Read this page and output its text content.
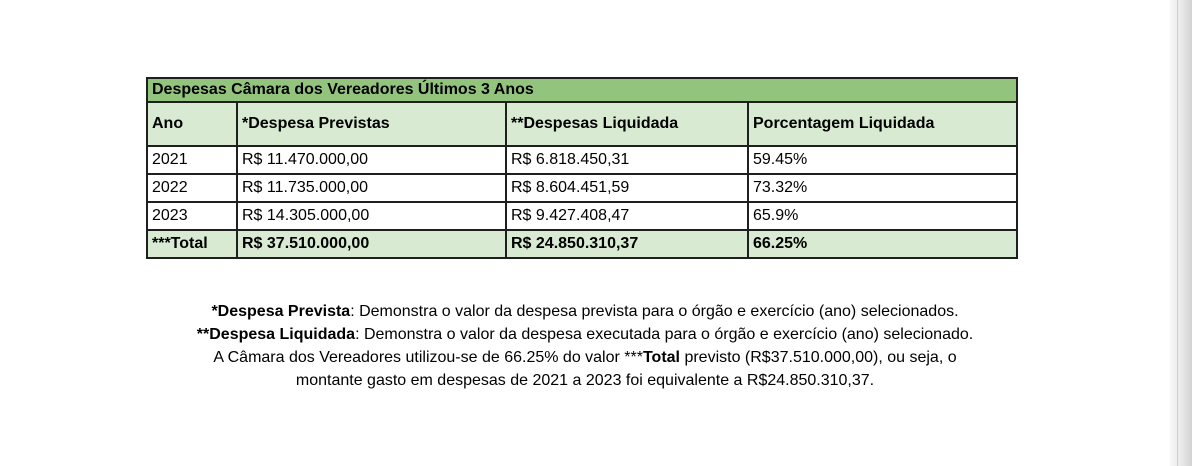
Despesas Câmara dos Vereadores Últimos 3 Anos			
Ano	*Despesa Previstas	**Despesas Liquidada	Porcentagem Liquidada
2021	R$ 11.470.000,00	R$ 6.818.450,31	59.45%
2022	R$ 11.735.000,00	R$ 8.604.451,59	73.32%
2023	R$ 14.305.000,00	R$ 9.427.408,47	65.9%
***Total	R$ 37.510.000,00	R$ 24.850.310,37	66.25%

*Despesa Prevista: Demonstra o valor da despesa prevista para o órgão e exercício (ano) selecionados.

**Despesa Liquidada: Demonstra o valor da despesa executada para o órgão e exercício (ano) selecionado.

A Câmara dos Vereadores utilizou-se de 66.25% do valor ***Total previsto (R$37.510.000,00), ou seja, o

montante gasto em despesas de 2021 a 2023 foi equivalente a R$24.850.310,37.
